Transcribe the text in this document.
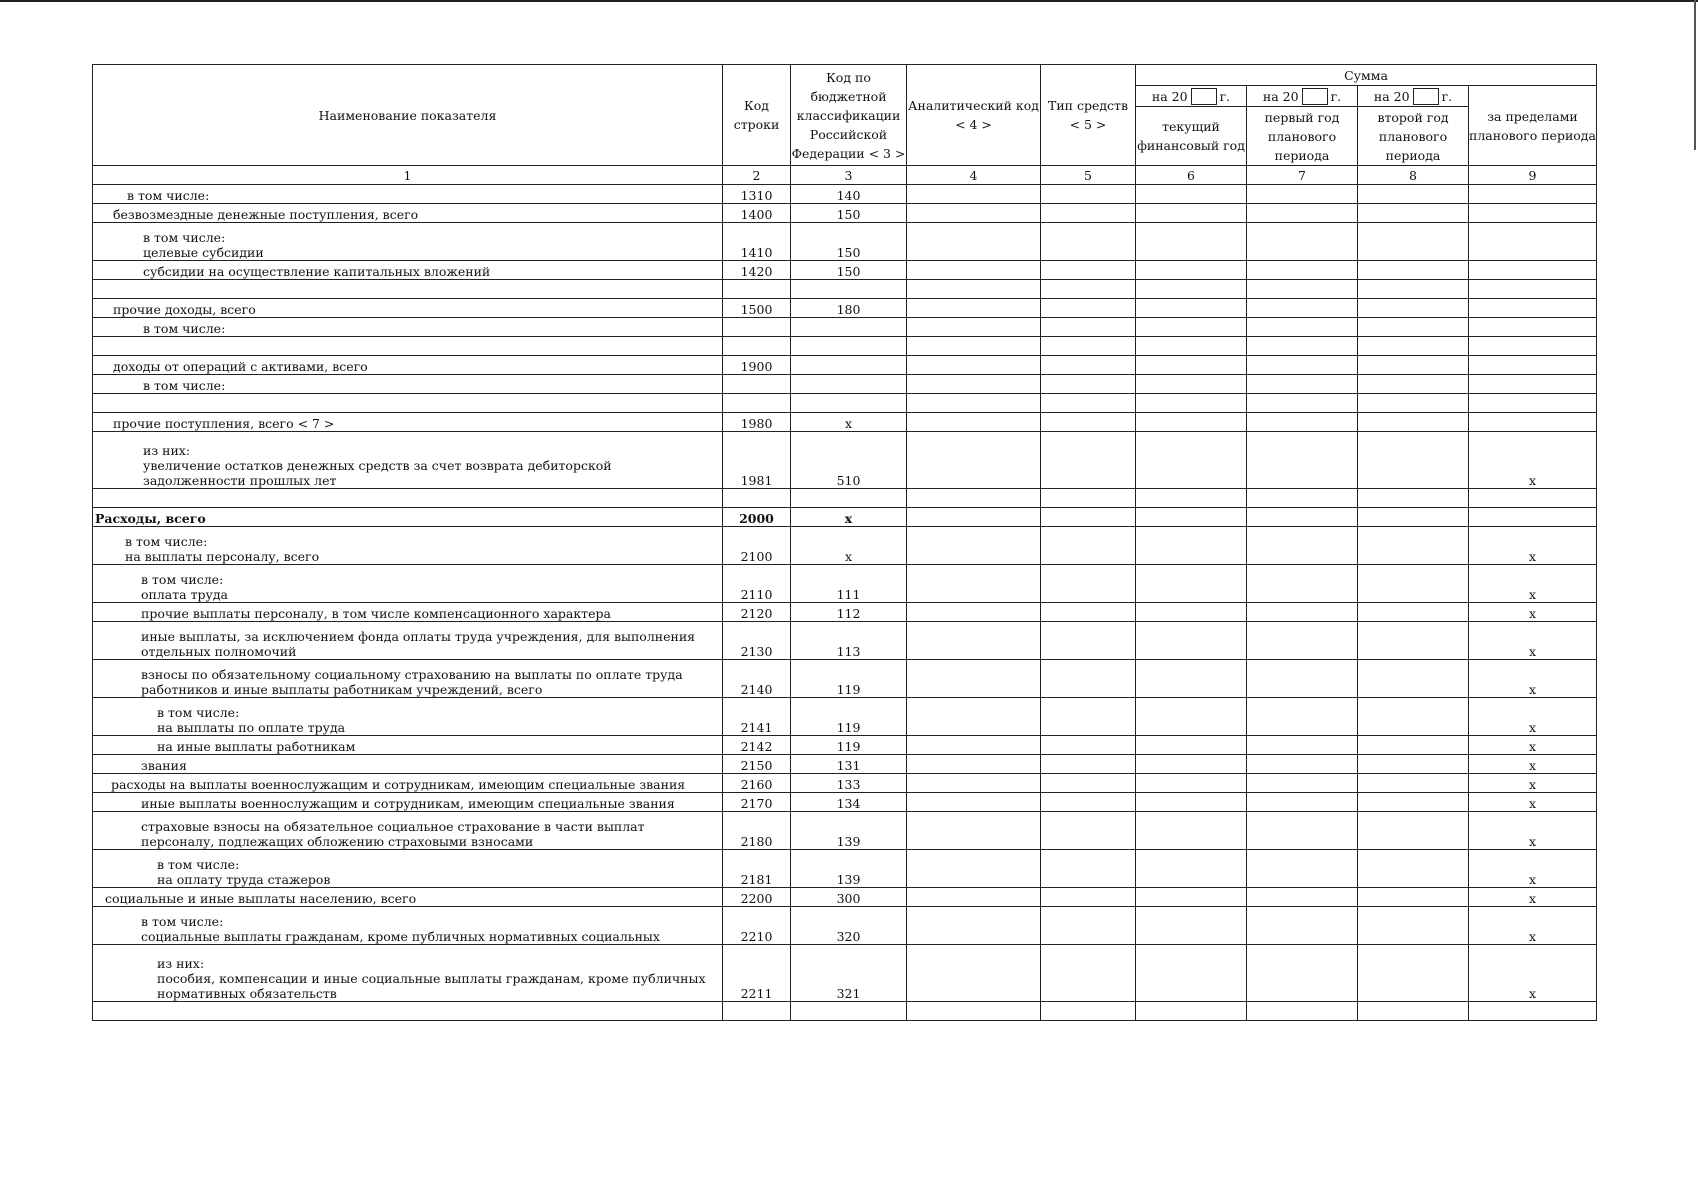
Наименование показателя	Код строки	Код по бюджетной классификации Российской Федерации < 3 >	Аналитический код < 4 >	Тип средств < 5 >	Сумма			

					на 20 г.	на 20 г.	на 20 г.	за пределами планового периода
					текущий финансовый год	первый год планового периода	второй год планового периода	
1	2	3	4	5	6	7	8	9

в том числе:	1310	140						

безвозмездные денежные поступления, всего	1400	150						

в том числе:
целевые субсидии	1410	150						

субсидии на осуществление капитальных вложений	1420	150						

прочие доходы, всего	1500	180						

в том числе:								

доходы от операций с активами, всего	1900							

в том числе:								

прочие поступления, всего < 7 >	1980	x						

из них:
увеличение остатков денежных средств за счет возврата дебиторской
задолженности прошлых лет	1981	510						x

Расходы, всего	2000	x						

в том числе:
на выплаты персоналу, всего	2100	x						x

в том числе:
оплата труда	2110	111						x

прочие выплаты персоналу, в том числе компенсационного характера	2120	112						x

иные выплаты, за исключением фонда оплаты труда учреждения, для выполнения
отдельных полномочий	2130	113						x

взносы по обязательному социальному страхованию на выплаты по оплате труда
работников и иные выплаты работникам учреждений, всего	2140	119						x

в том числе:
на выплаты по оплате труда	2141	119						x

на иные выплаты работникам	2142	119						x

звания	2150	131						x

расходы на выплаты военнослужащим и сотрудникам, имеющим специальные звания	2160	133						x

иные выплаты военнослужащим и сотрудникам, имеющим специальные звания	2170	134						x

страховые взносы на обязательное социальное страхование в части выплат
персоналу, подлежащих обложению страховыми взносами	2180	139						x

в том числе:
на оплату труда стажеров	2181	139						x

социальные и иные выплаты населению, всего	2200	300						x

в том числе:
социальные выплаты гражданам, кроме публичных нормативных социальных	2210	320						x

из них:
пособия, компенсации и иные социальные выплаты гражданам, кроме публичных
нормативных обязательств	2211	321						x
